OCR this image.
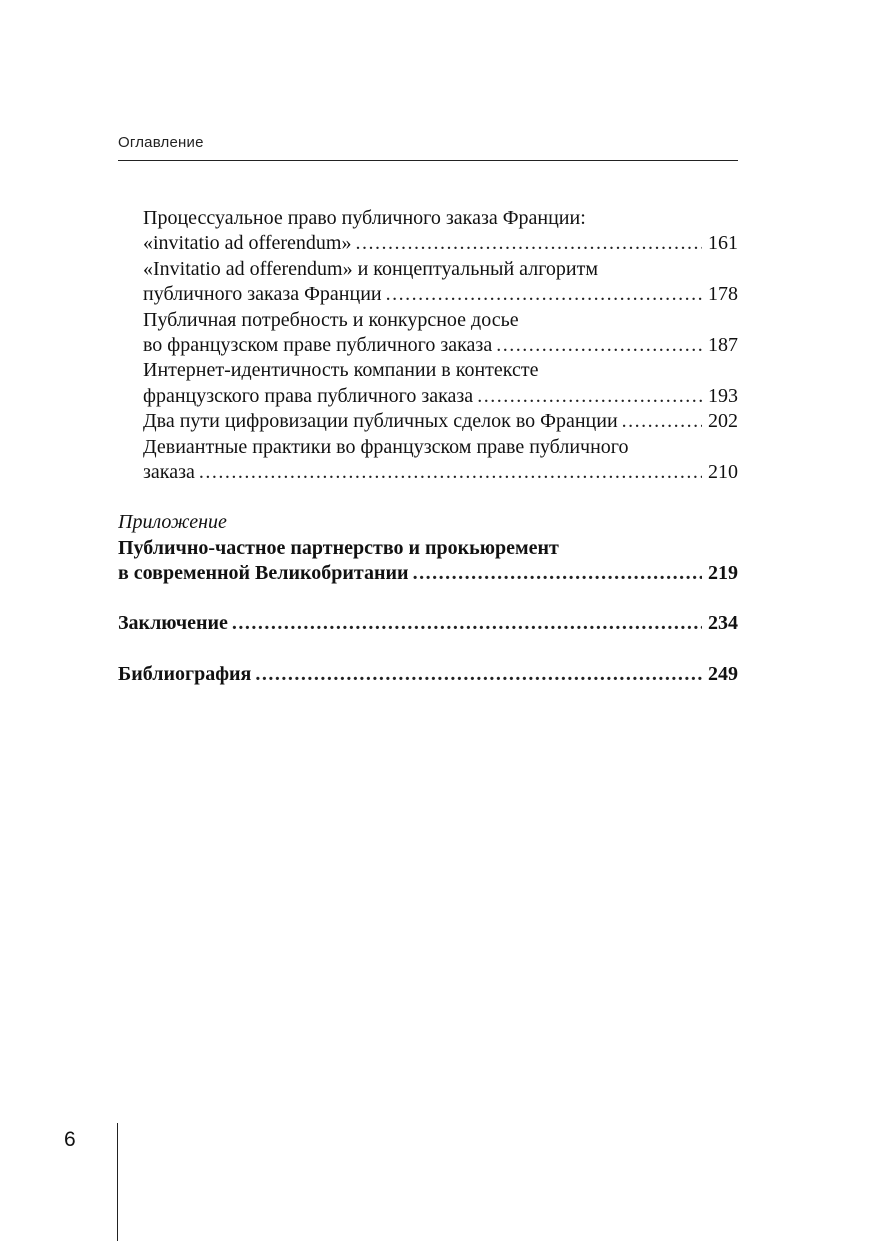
Оглавление
Процессуальное право публичного заказа Франции:
«invitatio ad offerendum» .....	161
«Invitatio ad offerendum» и концептуальный алгоритм
публичного заказа Франции .....	178
Публичная потребность и конкурсное досье
во французском праве публичного заказа .....	187
Интернет-идентичность компании в контексте
французского права публичного заказа .....	193
Два пути цифровизации публичных сделок во Франции .....	202
Девиантные практики во французском праве публичного
заказа .....	210
Приложение
Публично-частное партнерство и прокьюремент
в современной Великобритании .....	219
Заключение .....	234
Библиография .....	249
6
